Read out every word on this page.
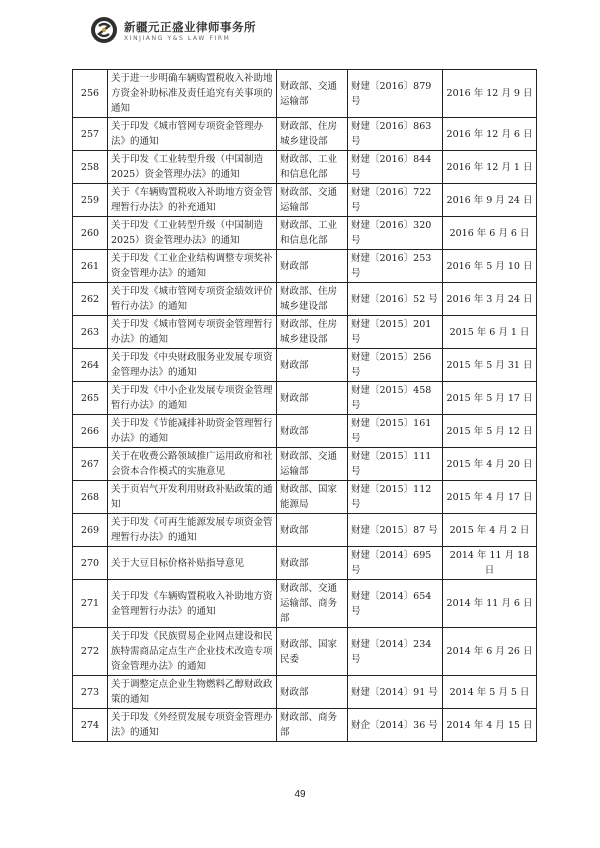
新疆元正盛业律师事务所
XINJIANG Y&S LAW FIRM
256	关于进一步明确车辆购置税收入补助地方资金补助标准及责任追究有关事项的通知	财政部、交通运输部	财建〔2016〕879 号	2016 年 12 月 9 日
257	关于印发《城市管网专项资金管理办法》的通知	财政部、住房城乡建设部	财建〔2016〕863 号	2016 年 12 月 6 日
258	关于印发《工业转型升级（中国制造 2025）资金管理办法》的通知	财政部、工业和信息化部	财建〔2016〕844 号	2016 年 12 月 1 日
259	关于《车辆购置税收入补助地方资金管理暂行办法》的补充通知	财政部、交通运输部	财建〔2016〕722 号	2016 年 9 月 24 日
260	关于印发《工业转型升级（中国制造 2025）资金管理办法》的通知	财政部、工业和信息化部	财建〔2016〕320 号	2016 年 6 月 6 日
261	关于印发《工业企业结构调整专项奖补资金管理办法》的通知	财政部	财建〔2016〕253 号	2016 年 5 月 10 日
262	关于印发《城市管网专项资金绩效评价暂行办法》的通知	财政部、住房城乡建设部	财建〔2016〕52 号	2016 年 3 月 24 日
263	关于印发《城市管网专项资金管理暂行办法》的通知	财政部、住房城乡建设部	财建〔2015〕201 号	2015 年 6 月 1 日
264	关于印发《中央财政服务业发展专项资金管理办法》的通知	财政部	财建〔2015〕256 号	2015 年 5 月 31 日
265	关于印发《中小企业发展专项资金管理暂行办法》的通知	财政部	财建〔2015〕458 号	2015 年 5 月 17 日
266	关于印发《节能减排补助资金管理暂行办法》的通知	财政部	财建〔2015〕161 号	2015 年 5 月 12 日
267	关于在收费公路领域推广运用政府和社会资本合作模式的实施意见	财政部、交通运输部	财建〔2015〕111 号	2015 年 4 月 20 日
268	关于页岩气开发利用财政补贴政策的通知	财政部、国家能源局	财建〔2015〕112 号	2015 年 4 月 17 日
269	关于印发《可再生能源发展专项资金管理暂行办法》的通知	财政部	财建〔2015〕87 号	2015 年 4 月 2 日
270	关于大豆目标价格补贴指导意见	财政部	财建〔2014〕695 号	2014 年 11 月 18 日
271	关于印发《车辆购置税收入补助地方资金管理暂行办法》的通知	财政部、交通运输部、商务部	财建〔2014〕654 号	2014 年 11 月 6 日
272	关于印发《民族贸易企业网点建设和民族特需商品定点生产企业技术改造专项资金管理办法》的通知	财政部、国家民委	财建〔2014〕234 号	2014 年 6 月 26 日
273	关于调整定点企业生物燃料乙醇财政政策的通知	财政部	财建〔2014〕91 号	2014 年 5 月 5 日
274	关于印发《外经贸发展专项资金管理办法》的通知	财政部、商务部	财企〔2014〕36 号	2014 年 4 月 15 日
49
